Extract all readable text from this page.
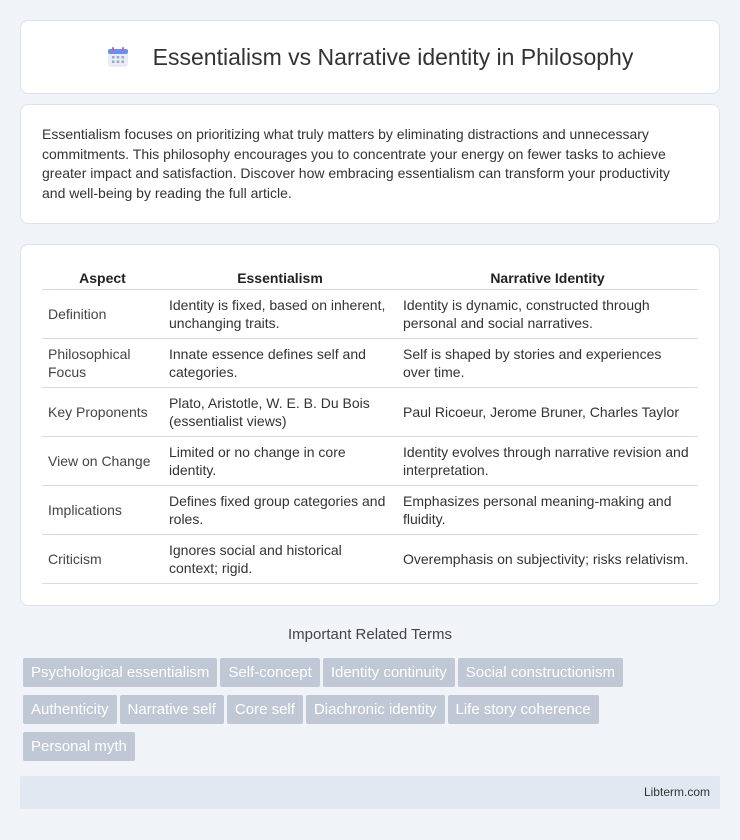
Essentialism vs Narrative identity in Philosophy

Essentialism focuses on prioritizing what truly matters by eliminating distractions and unnecessary commitments. This philosophy encourages you to concentrate your energy on fewer tasks to achieve greater impact and satisfaction. Discover how embracing essentialism can transform your productivity and well-being by reading the full article.

Aspect	Essentialism	Narrative Identity
Definition	Identity is fixed, based on inherent, unchanging traits.	Identity is dynamic, constructed through personal and social narratives.
Philosophical Focus	Innate essence defines self and categories.	Self is shaped by stories and experiences over time.
Key Proponents	Plato, Aristotle, W. E. B. Du Bois (essentialist views)	Paul Ricoeur, Jerome Bruner, Charles Taylor
View on Change	Limited or no change in core identity.	Identity evolves through narrative revision and interpretation.
Implications	Defines fixed group categories and roles.	Emphasizes personal meaning-making and fluidity.
Criticism	Ignores social and historical context; rigid.	Overemphasis on subjectivity; risks relativism.
Important Related Terms
Psychological essentialism Self-concept Identity continuity Social constructionismAuthenticity Narrative self Core self Diachronic identity Life story coherencePersonal myth
Libterm.com
